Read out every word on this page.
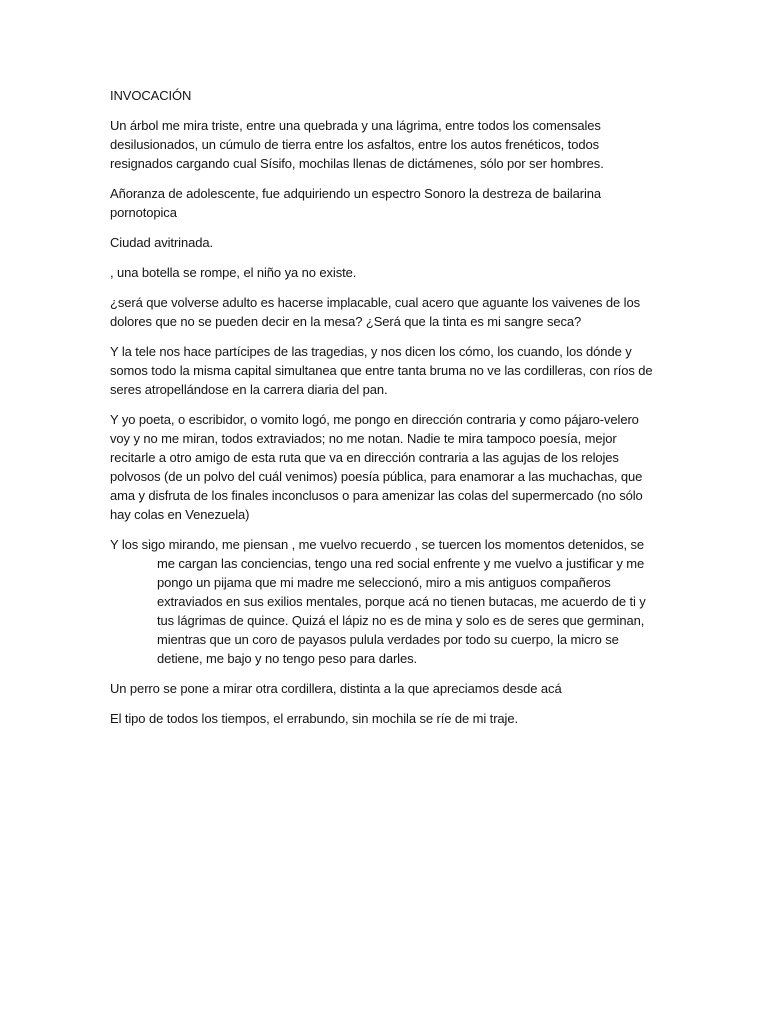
INVOCACIÓN

Un árbol me mira triste, entre una quebrada y una lágrima, entre todos los comensales desilusionados, un cúmulo de tierra entre los asfaltos, entre los autos frenéticos, todos resignados cargando cual Sísifo, mochilas llenas de dictámenes, sólo por ser hombres.

Añoranza de adolescente, fue adquiriendo un espectro Sonoro la destreza de bailarina pornotopica

Ciudad avitrinada.

, una botella se rompe, el niño ya no existe.

¿será que volverse adulto es hacerse implacable, cual acero que aguante los vaivenes de los dolores que no se pueden decir en la mesa? ¿Será que la tinta es mi sangre seca?

Y la tele nos hace partícipes de las tragedias, y nos dicen los cómo, los cuando, los dónde y somos todo la misma capital simultanea que entre tanta bruma no ve las cordilleras, con ríos de seres atropellándose en la carrera diaria del pan.

Y yo poeta, o escribidor, o vomito logó, me pongo en dirección contraria y como pájaro-velero voy y no me miran, todos extraviados; no me notan. Nadie te mira tampoco poesía, mejor recitarle a otro amigo de esta ruta que va en dirección contraria a las agujas de los relojes polvosos (de un polvo del cuál venimos) poesía pública, para enamorar a las muchachas, que ama y disfruta de los finales inconclusos o para amenizar las colas del supermercado (no sólo hay colas en Venezuela)

Y los sigo mirando, me piensan , me vuelvo recuerdo , se tuercen los momentos detenidos, se me cargan las conciencias, tengo una red social enfrente y me vuelvo a justificar y me pongo un pijama que mi madre me seleccionó, miro a mis antiguos compañeros extraviados en sus exilios mentales, porque acá no tienen butacas, me acuerdo de ti y tus lágrimas de quince. Quizá el lápiz no es de mina y solo es de seres que germinan, mientras que un coro de payasos pulula verdades por todo su cuerpo, la micro se detiene, me bajo y no tengo peso para darles.

Un perro se pone a mirar otra cordillera, distinta a la que apreciamos desde acá

El tipo de todos los tiempos, el errabundo, sin mochila se ríe de mi traje.
